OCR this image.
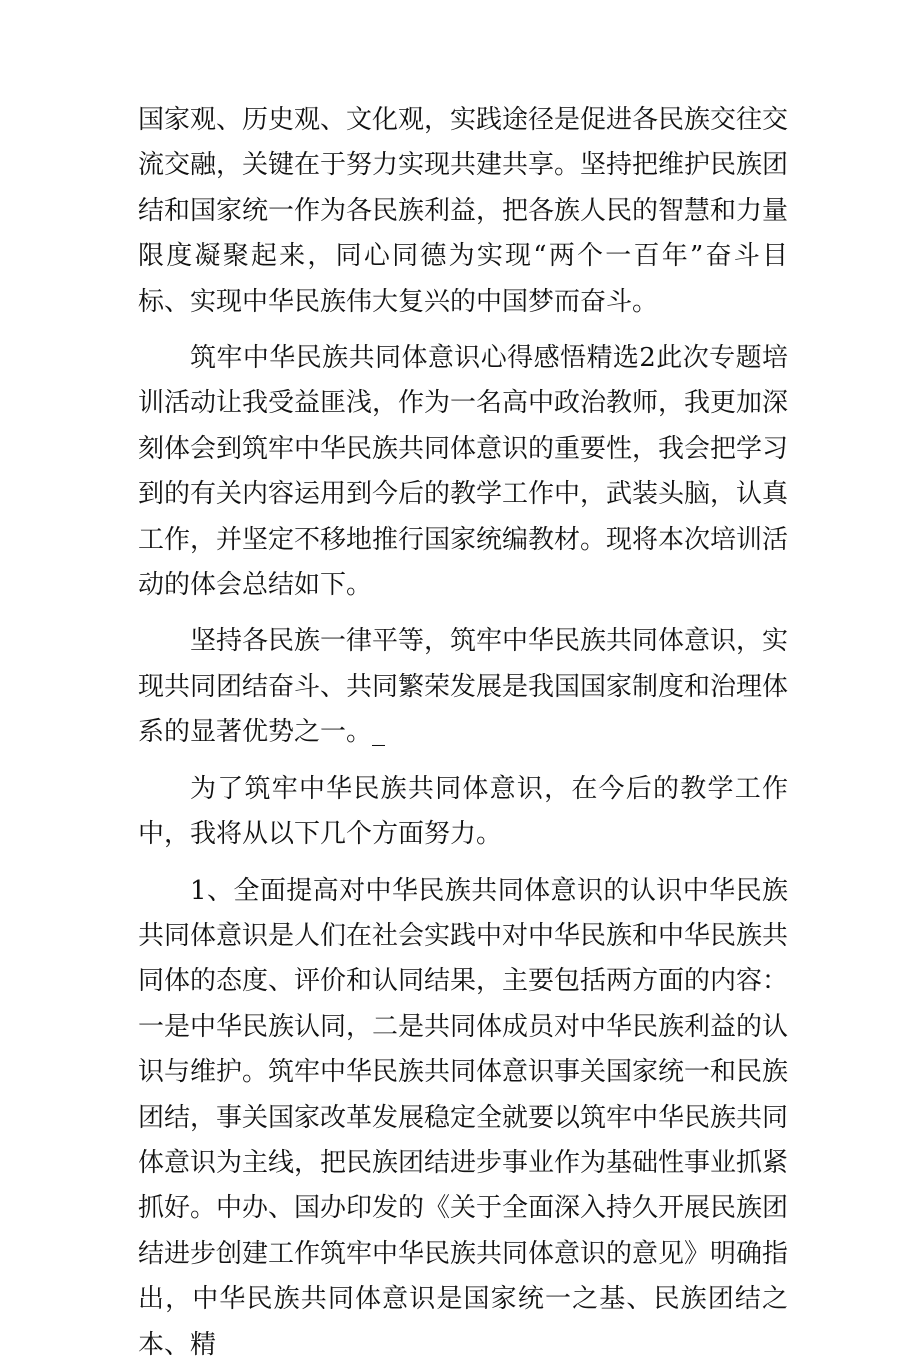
国家观、历史观、文化观，实践途径是促进各民族交往交流交融，关键在于努力实现共建共享。坚持把维护民族团结和国家统一作为各民族利益，把各族人民的智慧和力量限度凝聚起来，同心同德为实现“两个一百年”奋斗目标、实现中华民族伟大复兴的中国梦而奋斗。

筑牢中华民族共同体意识心得感悟精选2此次专题培训活动让我受益匪浅，作为一名高中政治教师，我更加深刻体会到筑牢中华民族共同体意识的重要性，我会把学习到的有关内容运用到今后的教学工作中，武装头脑，认真工作，并坚定不移地推行国家统编教材。现将本次培训活动的体会总结如下。

坚持各民族一律平等，筑牢中华民族共同体意识，实现共同团结奋斗、共同繁荣发展是我国国家制度和治理体系的显著优势之一。_

为了筑牢中华民族共同体意识，在今后的教学工作中，我将从以下几个方面努力。

1、全面提高对中华民族共同体意识的认识中华民族共同体意识是人们在社会实践中对中华民族和中华民族共同体的态度、评价和认同结果，主要包括两方面的内容：一是中华民族认同，二是共同体成员对中华民族利益的认识与维护。筑牢中华民族共同体意识事关国家统一和民族团结，事关国家改革发展稳定全就要以筑牢中华民族共同体意识为主线，把民族团结进步事业作为基础性事业抓紧抓好。中办、国办印发的《关于全面深入持久开展民族团结进步创建工作筑牢中华民族共同体意识的意见》明确指出，中华民族共同体意识是国家统一之基、民族团结之本、精
